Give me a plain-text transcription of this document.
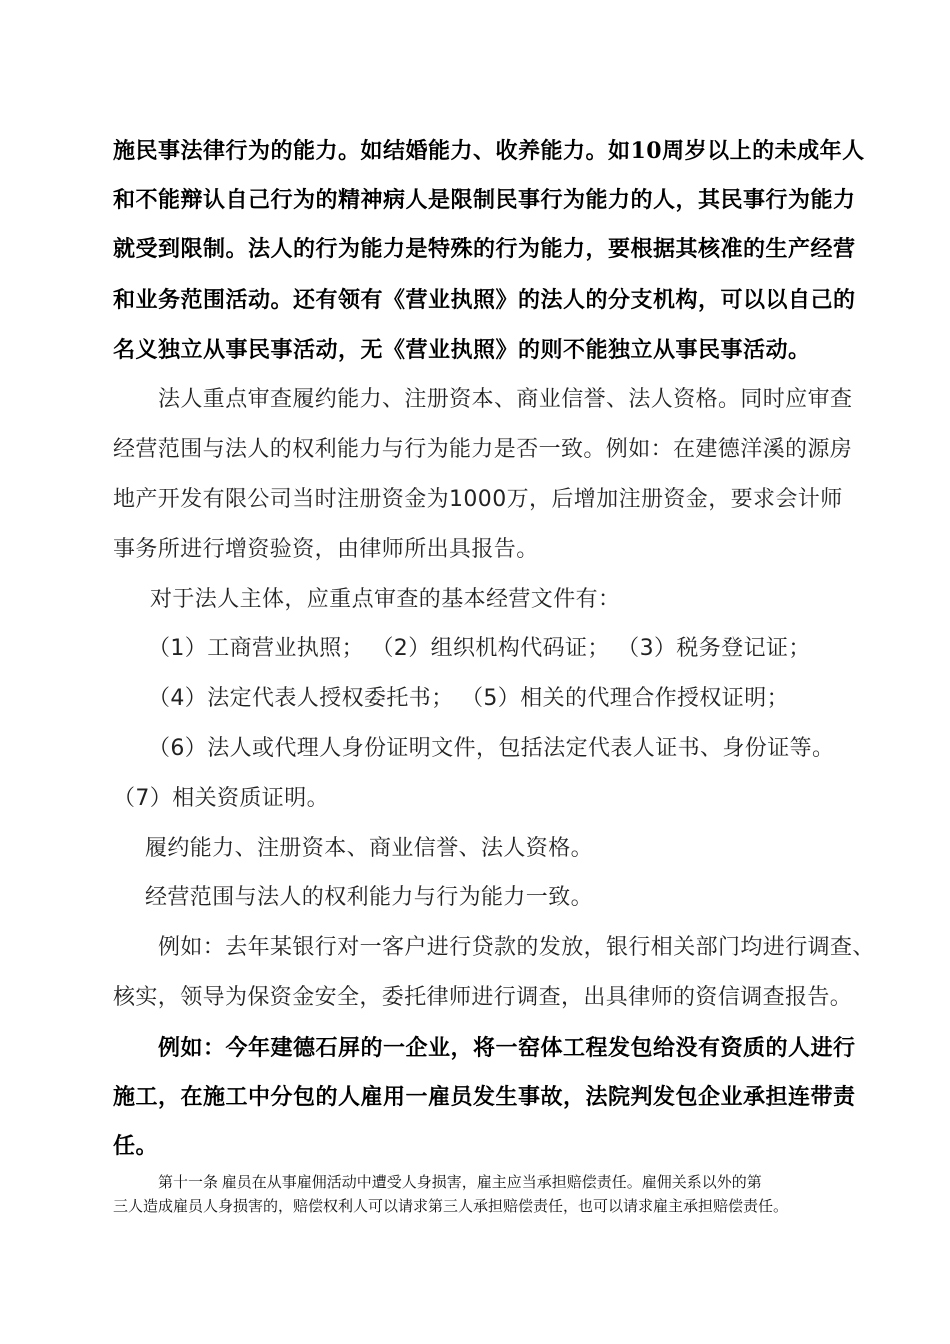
施民事法律行为的能力。如结婚能力、收养能力。如10周岁以上的未成年人
和不能辩认自己行为的精神病人是限制民事行为能力的人，其民事行为能力
就受到限制。法人的行为能力是特殊的行为能力，要根据其核准的生产经营
和业务范围活动。还有领有《营业执照》的法人的分支机构，可以以自己的
名义独立从事民事活动，无《营业执照》的则不能独立从事民事活动。
法人重点审查履约能力、注册资本、商业信誉、法人资格。同时应审查
经营范围与法人的权利能力与行为能力是否一致。例如：在建德洋溪的源房
地产开发有限公司当时注册资金为1000万，后增加注册资金，要求会计师
事务所进行增资验资，由律师所出具报告。
对于法人主体，应重点审查的基本经营文件有：
（1）工商营业执照； （2）组织机构代码证； （3）税务登记证；
（4）法定代表人授权委托书； （5）相关的代理合作授权证明；
（6）法人或代理人身份证明文件，包括法定代表人证书、身份证等。
（7）相关资质证明。
履约能力、注册资本、商业信誉、法人资格。
经营范围与法人的权利能力与行为能力一致。
例如：去年某银行对一客户进行贷款的发放，银行相关部门均进行调查、
核实，领导为保资金安全，委托律师进行调查，出具律师的资信调查报告。
例如：今年建德石屏的一企业，将一窑体工程发包给没有资质的人进行
施工，在施工中分包的人雇用一雇员发生事故，法院判发包企业承担连带责
任。
第十一条 雇员在从事雇佣活动中遭受人身损害，雇主应当承担赔偿责任。雇佣关系以外的第
三人造成雇员人身损害的，赔偿权利人可以请求第三人承担赔偿责任，也可以请求雇主承担赔偿责任。
